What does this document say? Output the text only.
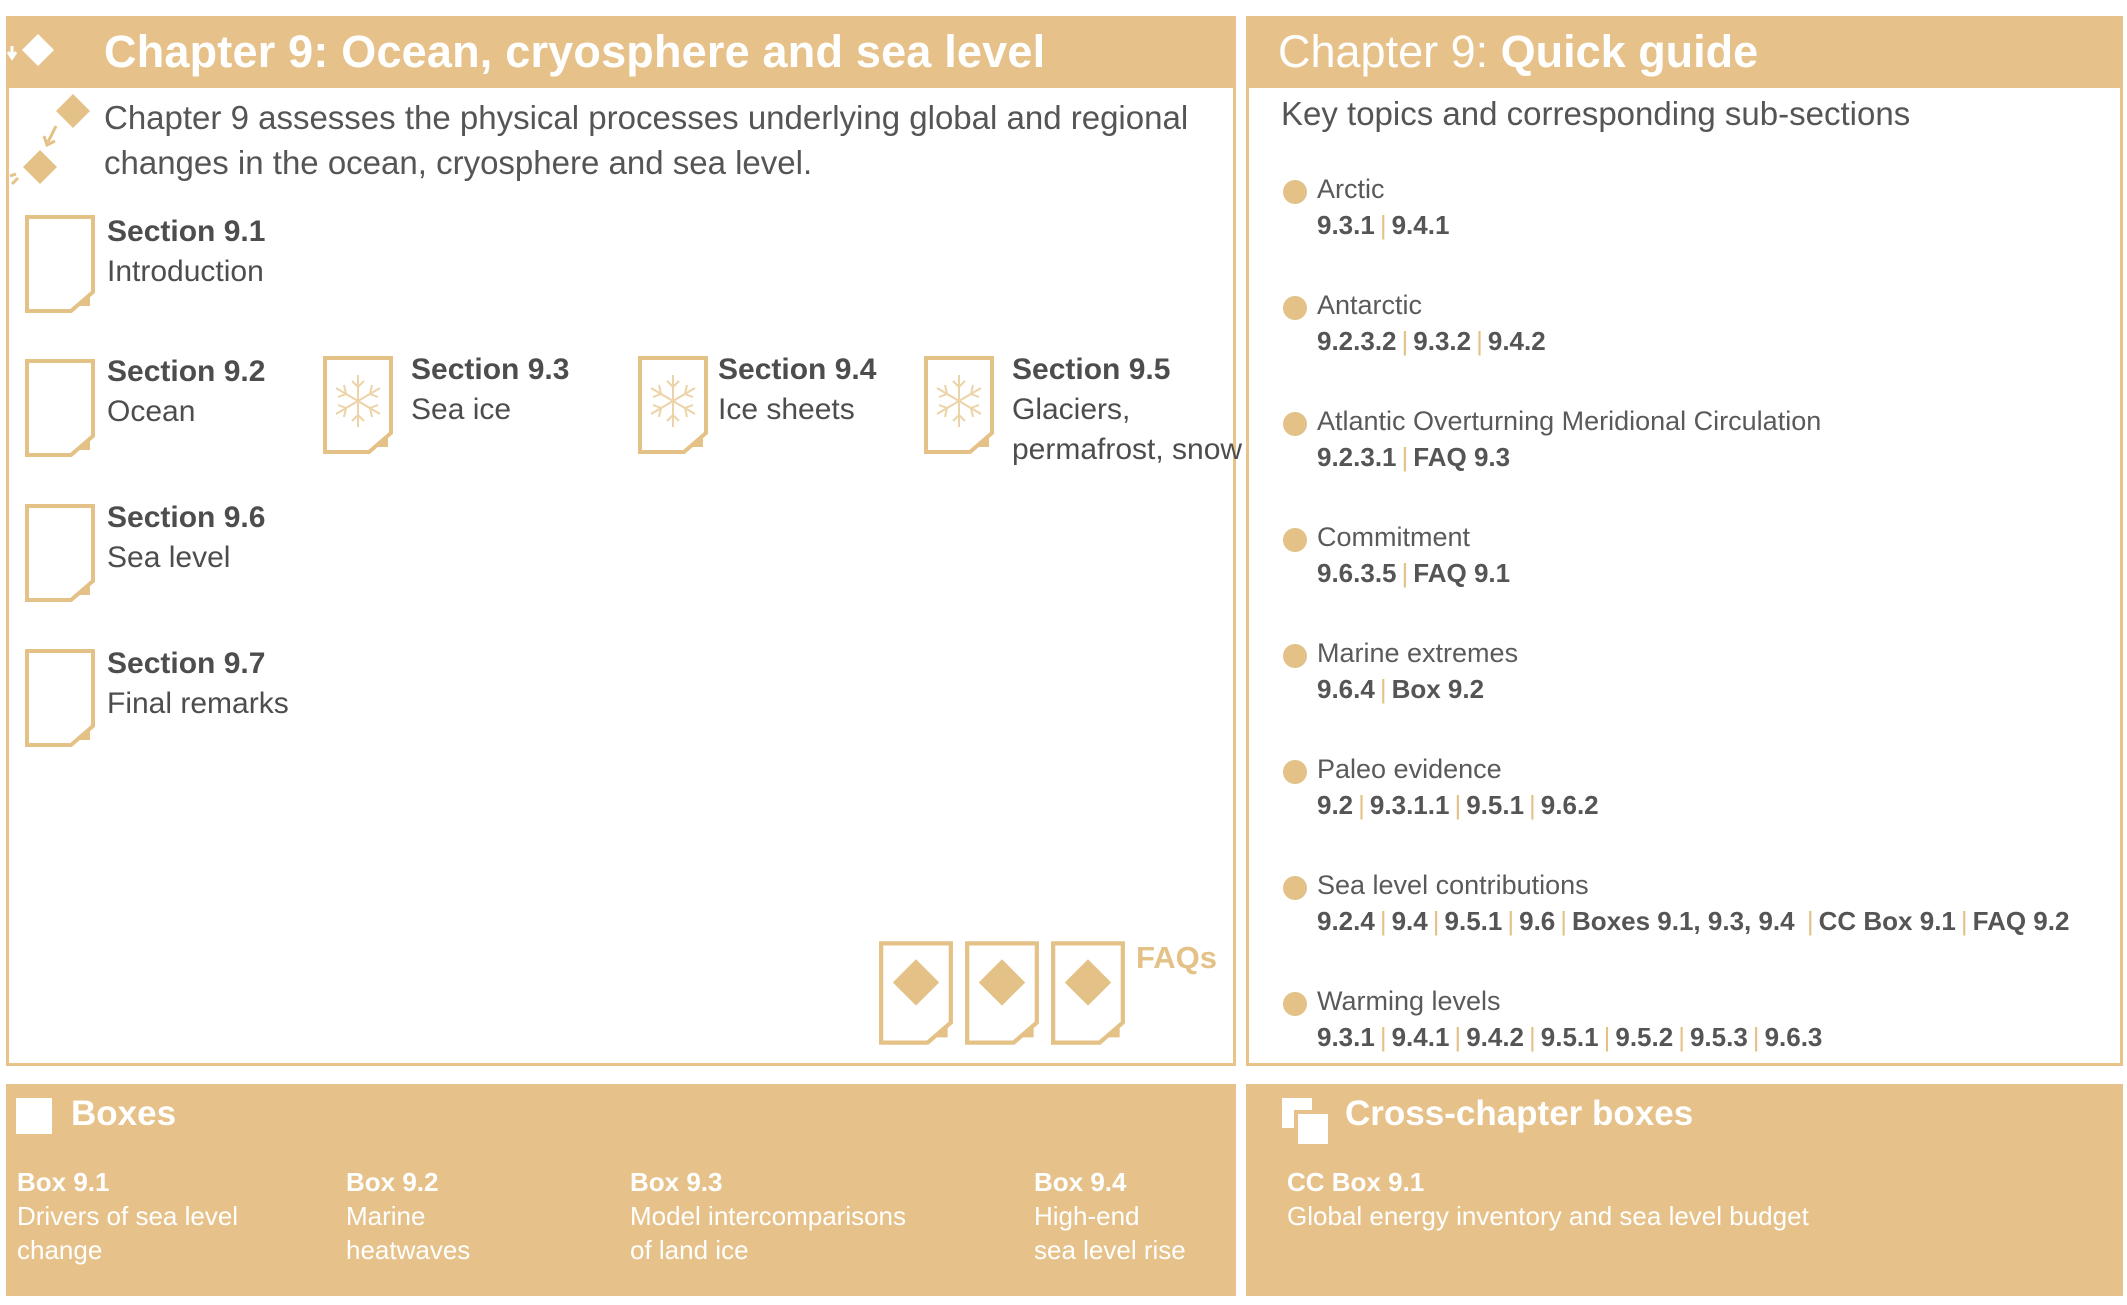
Chapter 9: Ocean, cryosphere and sea level
Chapter 9 assesses the physical processes underlying global and regional
changes in the ocean, cryosphere and sea level.
Section 9.1
Introduction
Section 9.2
Ocean
Section 9.3
Sea ice
Section 9.4
Ice sheets
Section 9.5
Glaciers,
permafrost, snow
Section 9.6
Sea level
Section 9.7
Final remarks
FAQs
Chapter 9: Quick guide
Key topics and corresponding sub-sections
Arctic
9.3.1 | 9.4.1
Antarctic
9.2.3.2 | 9.3.2 | 9.4.2
Atlantic Overturning Meridional Circulation
9.2.3.1 | FAQ 9.3
Commitment
9.6.3.5 | FAQ 9.1
Marine extremes
9.6.4 | Box 9.2
Paleo evidence
9.2 | 9.3.1.1 | 9.5.1 | 9.6.2
Sea level contributions
9.2.4 | 9.4 | 9.5.1 | 9.6 | Boxes 9.1, 9.3, 9.4 | CC Box 9.1 | FAQ 9.2
Warming levels
9.3.1 | 9.4.1 | 9.4.2 | 9.5.1 | 9.5.2 | 9.5.3 | 9.6.3
Boxes
Box 9.1
Drivers of sea level
change
Box 9.2
Marine
heatwaves
Box 9.3
Model intercomparisons
of land ice
Box 9.4
High-end
sea level rise
Cross-chapter boxes
CC Box 9.1
Global energy inventory and sea level budget
